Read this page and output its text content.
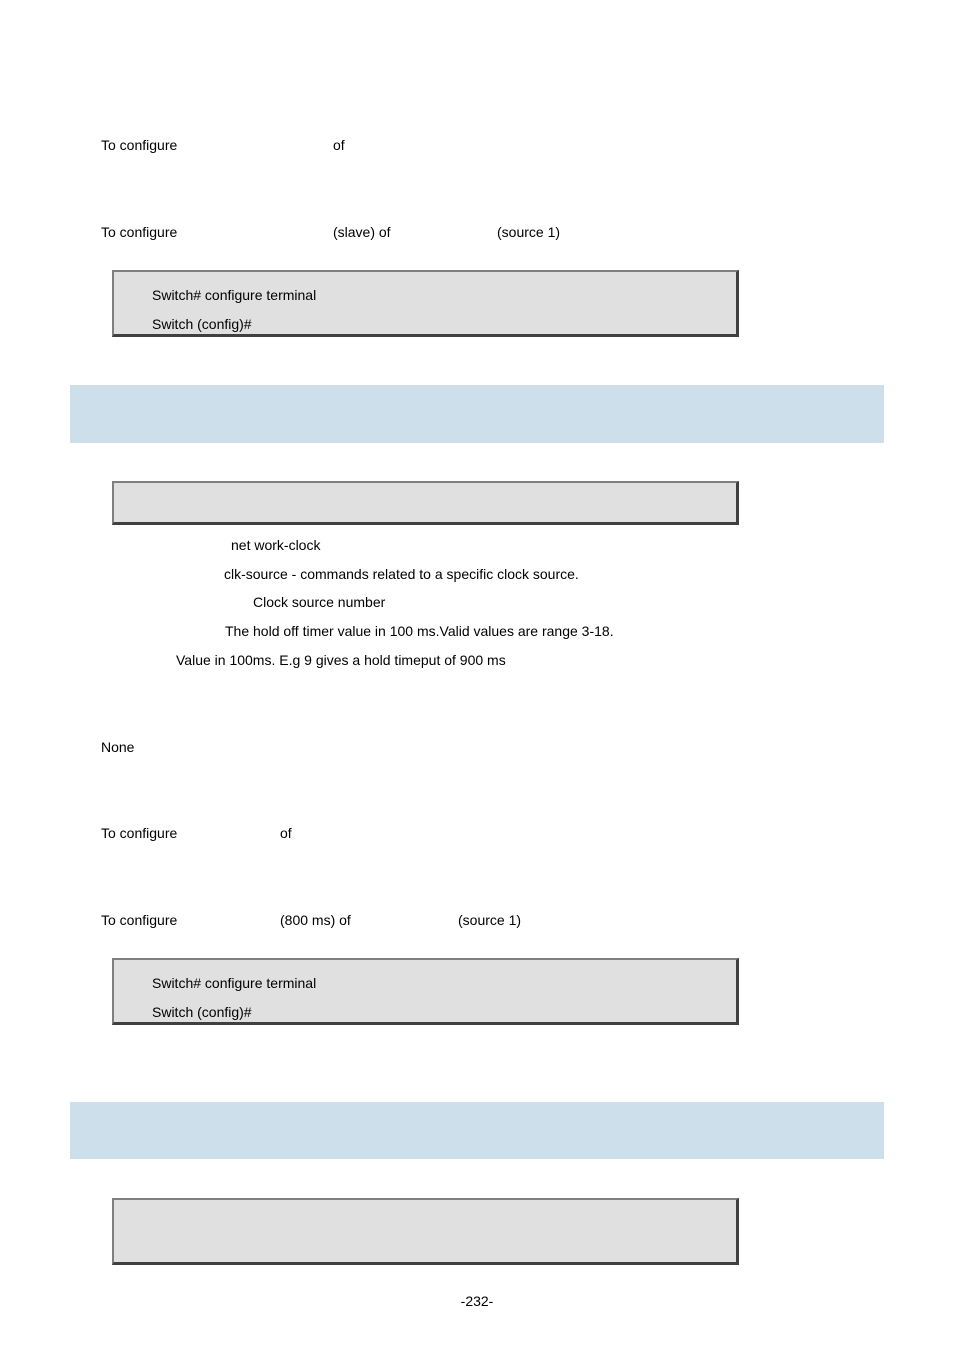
To configure	of
To configure	(slave) of	(source 1)
Switch# configure terminal
Switch (config)#
net work-clock
clk-source - commands related to a specific clock source.
Clock source number
The hold off timer value in 100 ms.Valid values are range 3-18.
Value in 100ms. E.g 9 gives a hold timeput of 900 ms
None
To configure	of
To configure	(800 ms) of	(source 1)
Switch# configure terminal
Switch (config)#
-232-
